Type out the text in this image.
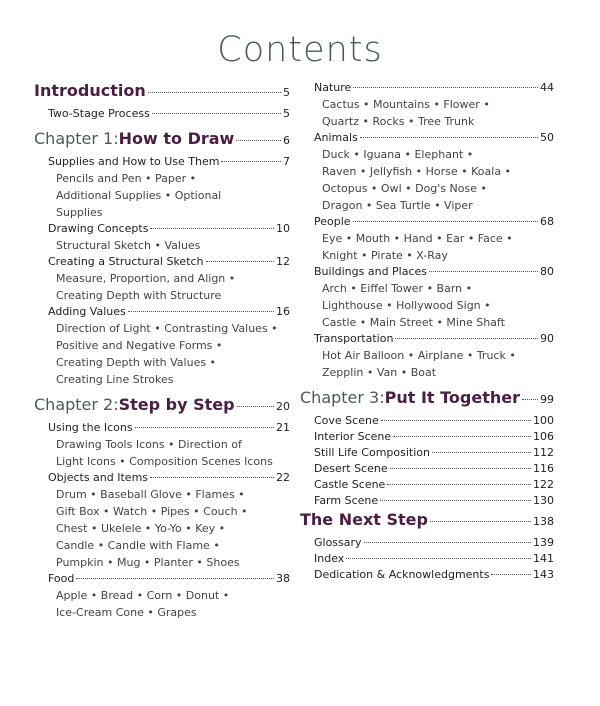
Contents
Introduction	5
Two-Stage Process	5
Chapter 1: How to Draw	6
Supplies and How to Use Them	7
Pencils and Pen • Paper •
Additional Supplies • Optional
Supplies
Drawing Concepts	10
Structural Sketch • Values
Creating a Structural Sketch	12
Measure, Proportion, and Align •
Creating Depth with Structure
Adding Values	16
Direction of Light • Contrasting Values •
Positive and Negative Forms •
Creating Depth with Values •
Creating Line Strokes
Chapter 2: Step by Step	20
Using the Icons	21
Drawing Tools Icons • Direction of
Light Icons • Composition Scenes Icons
Objects and Items	22
Drum • Baseball Glove • Flames •
Gift Box • Watch • Pipes • Couch •
Chest • Ukelele • Yo-Yo • Key •
Candle • Candle with Flame •
Pumpkin • Mug • Planter • Shoes
Food	38
Apple • Bread • Corn • Donut •
Ice-Cream Cone • Grapes
Nature	44
Cactus • Mountains • Flower •
Quartz • Rocks • Tree Trunk
Animals	50
Duck • Iguana • Elephant •
Raven • Jellyfish • Horse • Koala •
Octopus • Owl • Dog's Nose •
Dragon • Sea Turtle • Viper
People	68
Eye • Mouth • Hand • Ear • Face •
Knight • Pirate • X-Ray
Buildings and Places	80
Arch • Eiffel Tower • Barn •
Lighthouse • Hollywood Sign •
Castle • Main Street • Mine Shaft
Transportation	90
Hot Air Balloon • Airplane • Truck •
Zepplin • Van • Boat
Chapter 3: Put It Together 99
Cove Scene	100
Interior Scene	106
Still Life Composition	112
Desert Scene	116
Castle Scene	122
Farm Scene	130
The Next Step	138
Glossary	139
Index	141
Dedication & Acknowledgments	143
